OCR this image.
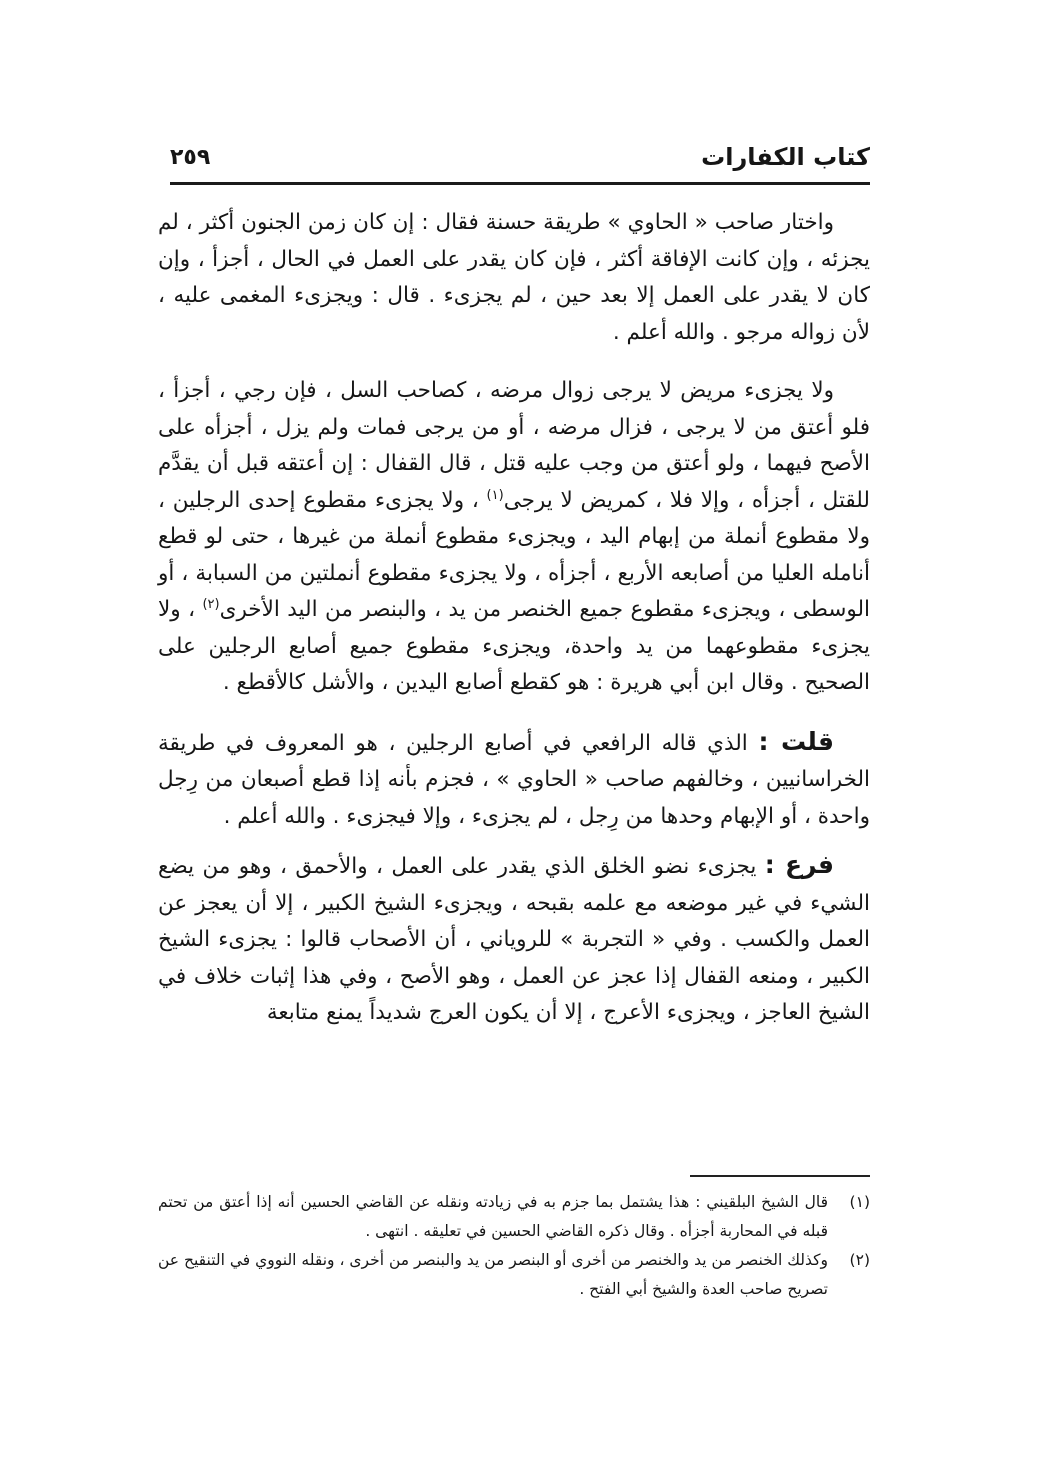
كتاب الكفارات
٢٥٩

واختار صاحب « الحاوي » طريقة حسنة فقال : إن كان زمن الجنون أكثر ، لم يجزئه ، وإن كانت الإفاقة أكثر ، فإن كان يقدر على العمل في الحال ، أجزأ ، وإن كان لا يقدر على العمل إلا بعد حين ، لم يجزىء . قال : ويجزىء المغمى عليه ، لأن زواله مرجو . والله أعلم .

ولا يجزىء مريض لا يرجى زوال مرضه ، كصاحب السل ، فإن رجي ، أجزأ ، فلو أعتق من لا يرجى ، فزال مرضه ، أو من يرجى فمات ولم يزل ، أجزأه على الأصح فيهما ، ولو أعتق من وجب عليه قتل ، قال القفال : إن أعتقه قبل أن يقدَّم للقتل ، أجزأه ، وإلا فلا ، كمريض لا يرجى$^{(١)}$ ، ولا يجزىء مقطوع إحدى الرجلين ، ولا مقطوع أنملة من إبهام اليد ، ويجزىء مقطوع أنملة من غيرها ، حتى لو قطع أنامله العليا من أصابعه الأربع ، أجزأه ، ولا يجزىء مقطوع أنملتين من السبابة ، أو الوسطى ، ويجزىء مقطوع جميع الخنصر من يد ، والبنصر من اليد الأخرى$^{(٢)}$ ، ولا يجزىء مقطوعهما من يد واحدة، ويجزىء مقطوع جميع أصابع الرجلين على الصحيح . وقال ابن أبي هريرة : هو كقطع أصابع اليدين ، والأشل كالأقطع .

قلت : الذي قاله الرافعي في أصابع الرجلين ، هو المعروف في طريقة الخراسانيين ، وخالفهم صاحب « الحاوي » ، فجزم بأنه إذا قطع أصبعان من رِجل واحدة ، أو الإبهام وحدها من رِجل ، لم يجزىء ، وإلا فيجزىء . والله أعلم .

فرع : يجزىء نضو الخلق الذي يقدر على العمل ، والأحمق ، وهو من يضع الشيء في غير موضعه مع علمه بقبحه ، ويجزىء الشيخ الكبير ، إلا أن يعجز عن العمل والكسب . وفي « التجربة » للروياني ، أن الأصحاب قالوا : يجزىء الشيخ الكبير ، ومنعه القفال إذا عجز عن العمل ، وهو الأصح ، وفي هذا إثبات خلاف في الشيخ العاجز ، ويجزىء الأعرج ، إلا أن يكون العرج شديداً يمنع متابعة

(١)
قال الشيخ البلقيني : هذا يشتمل بما جزم به في زيادته ونقله عن القاضي الحسين أنه إذا أعتق من تحتم قبله في المحاربة أجزأه . وقال ذكره القاضي الحسين في تعليقه . انتهى .
(٢)
وكذلك الخنصر من يد والخنصر من أخرى أو البنصر من يد والبنصر من أخرى ، ونقله النووي في التنقيح عن تصريح صاحب العدة والشيخ أبي الفتح .
